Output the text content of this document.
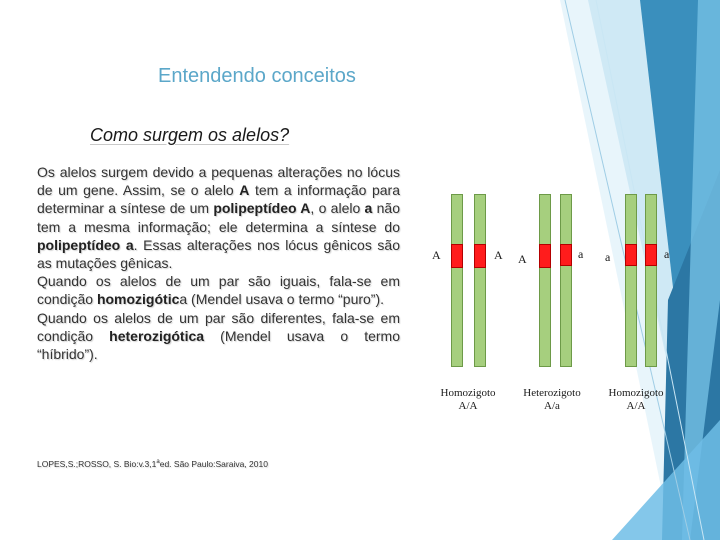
Entendendo conceitos
Como surgem os alelos?

Os alelos surgem devido a pequenas alterações no lócus de um gene. Assim, se o alelo A tem a informação para determinar a síntese de um polipeptídeo A, o alelo a não tem a mesma informação; ele determina a síntese do polipeptídeo a. Essas alterações nos lócus gênicos são as mutações gênicas.

Quando os alelos de um par são iguais, fala-se em condição homozigótica (Mendel usava o termo “puro”).

Quando os alelos de um par são diferentes, fala-se em condição heterozigótica (Mendel usava o termo “híbrido”).

LOPES,S.;ROSSO, S. Bio:v.3,1$^a$ed. São Paulo:Saraiva, 2010
A	A
Homozigoto
A/A
A	a
Heterozigoto
A/a
a	a
Homozigoto
A/A
